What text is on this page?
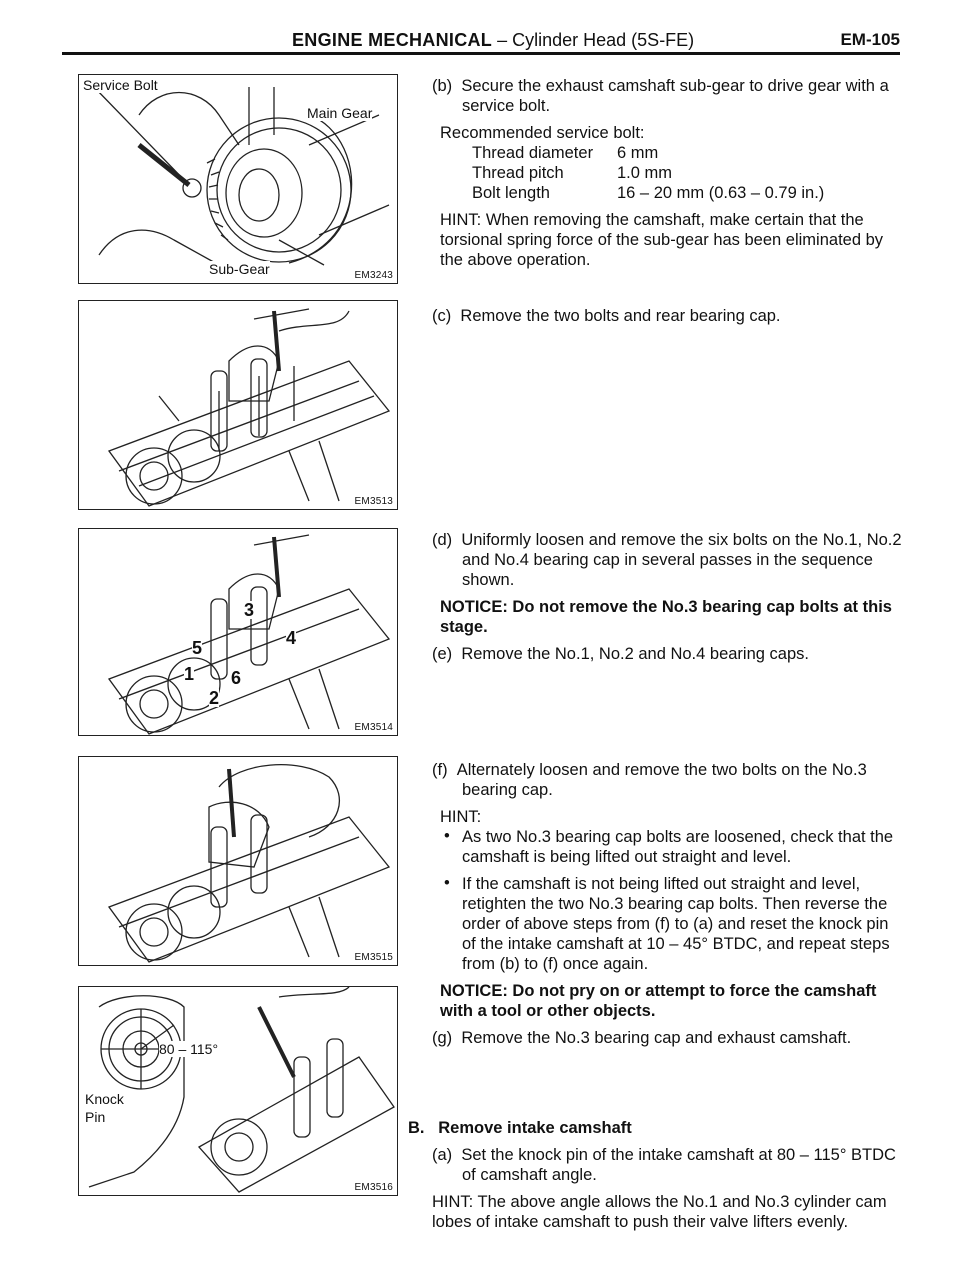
ENGINE MECHANICAL – Cylinder Head (5S-FE)	EM-105
Service Bolt
Main Gear
Sub-Gear	EM3243
EM3513
3
4
5
1 6
2
EM3514
EM3515
80 – 115°
Knock
Pin
EM3516

(b) Secure the exhaust camshaft sub-gear to drive gear with a service bolt.

Recommended service bolt:

Thread diameter	6 mm
Thread pitch	1.0 mm
Bolt length	16 – 20 mm (0.63 – 0.79 in.)

HINT: When removing the camshaft, make certain that the torsional spring force of the sub-gear has been eliminated by the above operation.

(c) Remove the two bolts and rear bearing cap.

(d) Uniformly loosen and remove the six bolts on the No.1, No.2 and No.4 bearing cap in several passes in the sequence shown.

NOTICE: Do not remove the No.3 bearing cap bolts at this stage.

(e) Remove the No.1, No.2 and No.4 bearing caps.

(f) Alternately loosen and remove the two bolts on the No.3 bearing cap.

HINT:

• As two No.3 bearing cap bolts are loosened, check that the camshaft is being lifted out straight and level.

• If the camshaft is not being lifted out straight and level, retighten the two No.3 bearing cap bolts. Then reverse the order of above steps from (f) to (a) and reset the knock pin of the intake camshaft at 10 – 45° BTDC, and repeat steps from (b) to (f) once again.

NOTICE: Do not pry on or attempt to force the camshaft with a tool or other objects.

(g) Remove the No.3 bearing cap and exhaust camshaft.

B. Remove intake camshaft

(a) Set the knock pin of the intake camshaft at 80 – 115° BTDC of camshaft angle.

HINT: The above angle allows the No.1 and No.3 cylinder cam lobes of intake camshaft to push their valve lifters evenly.
